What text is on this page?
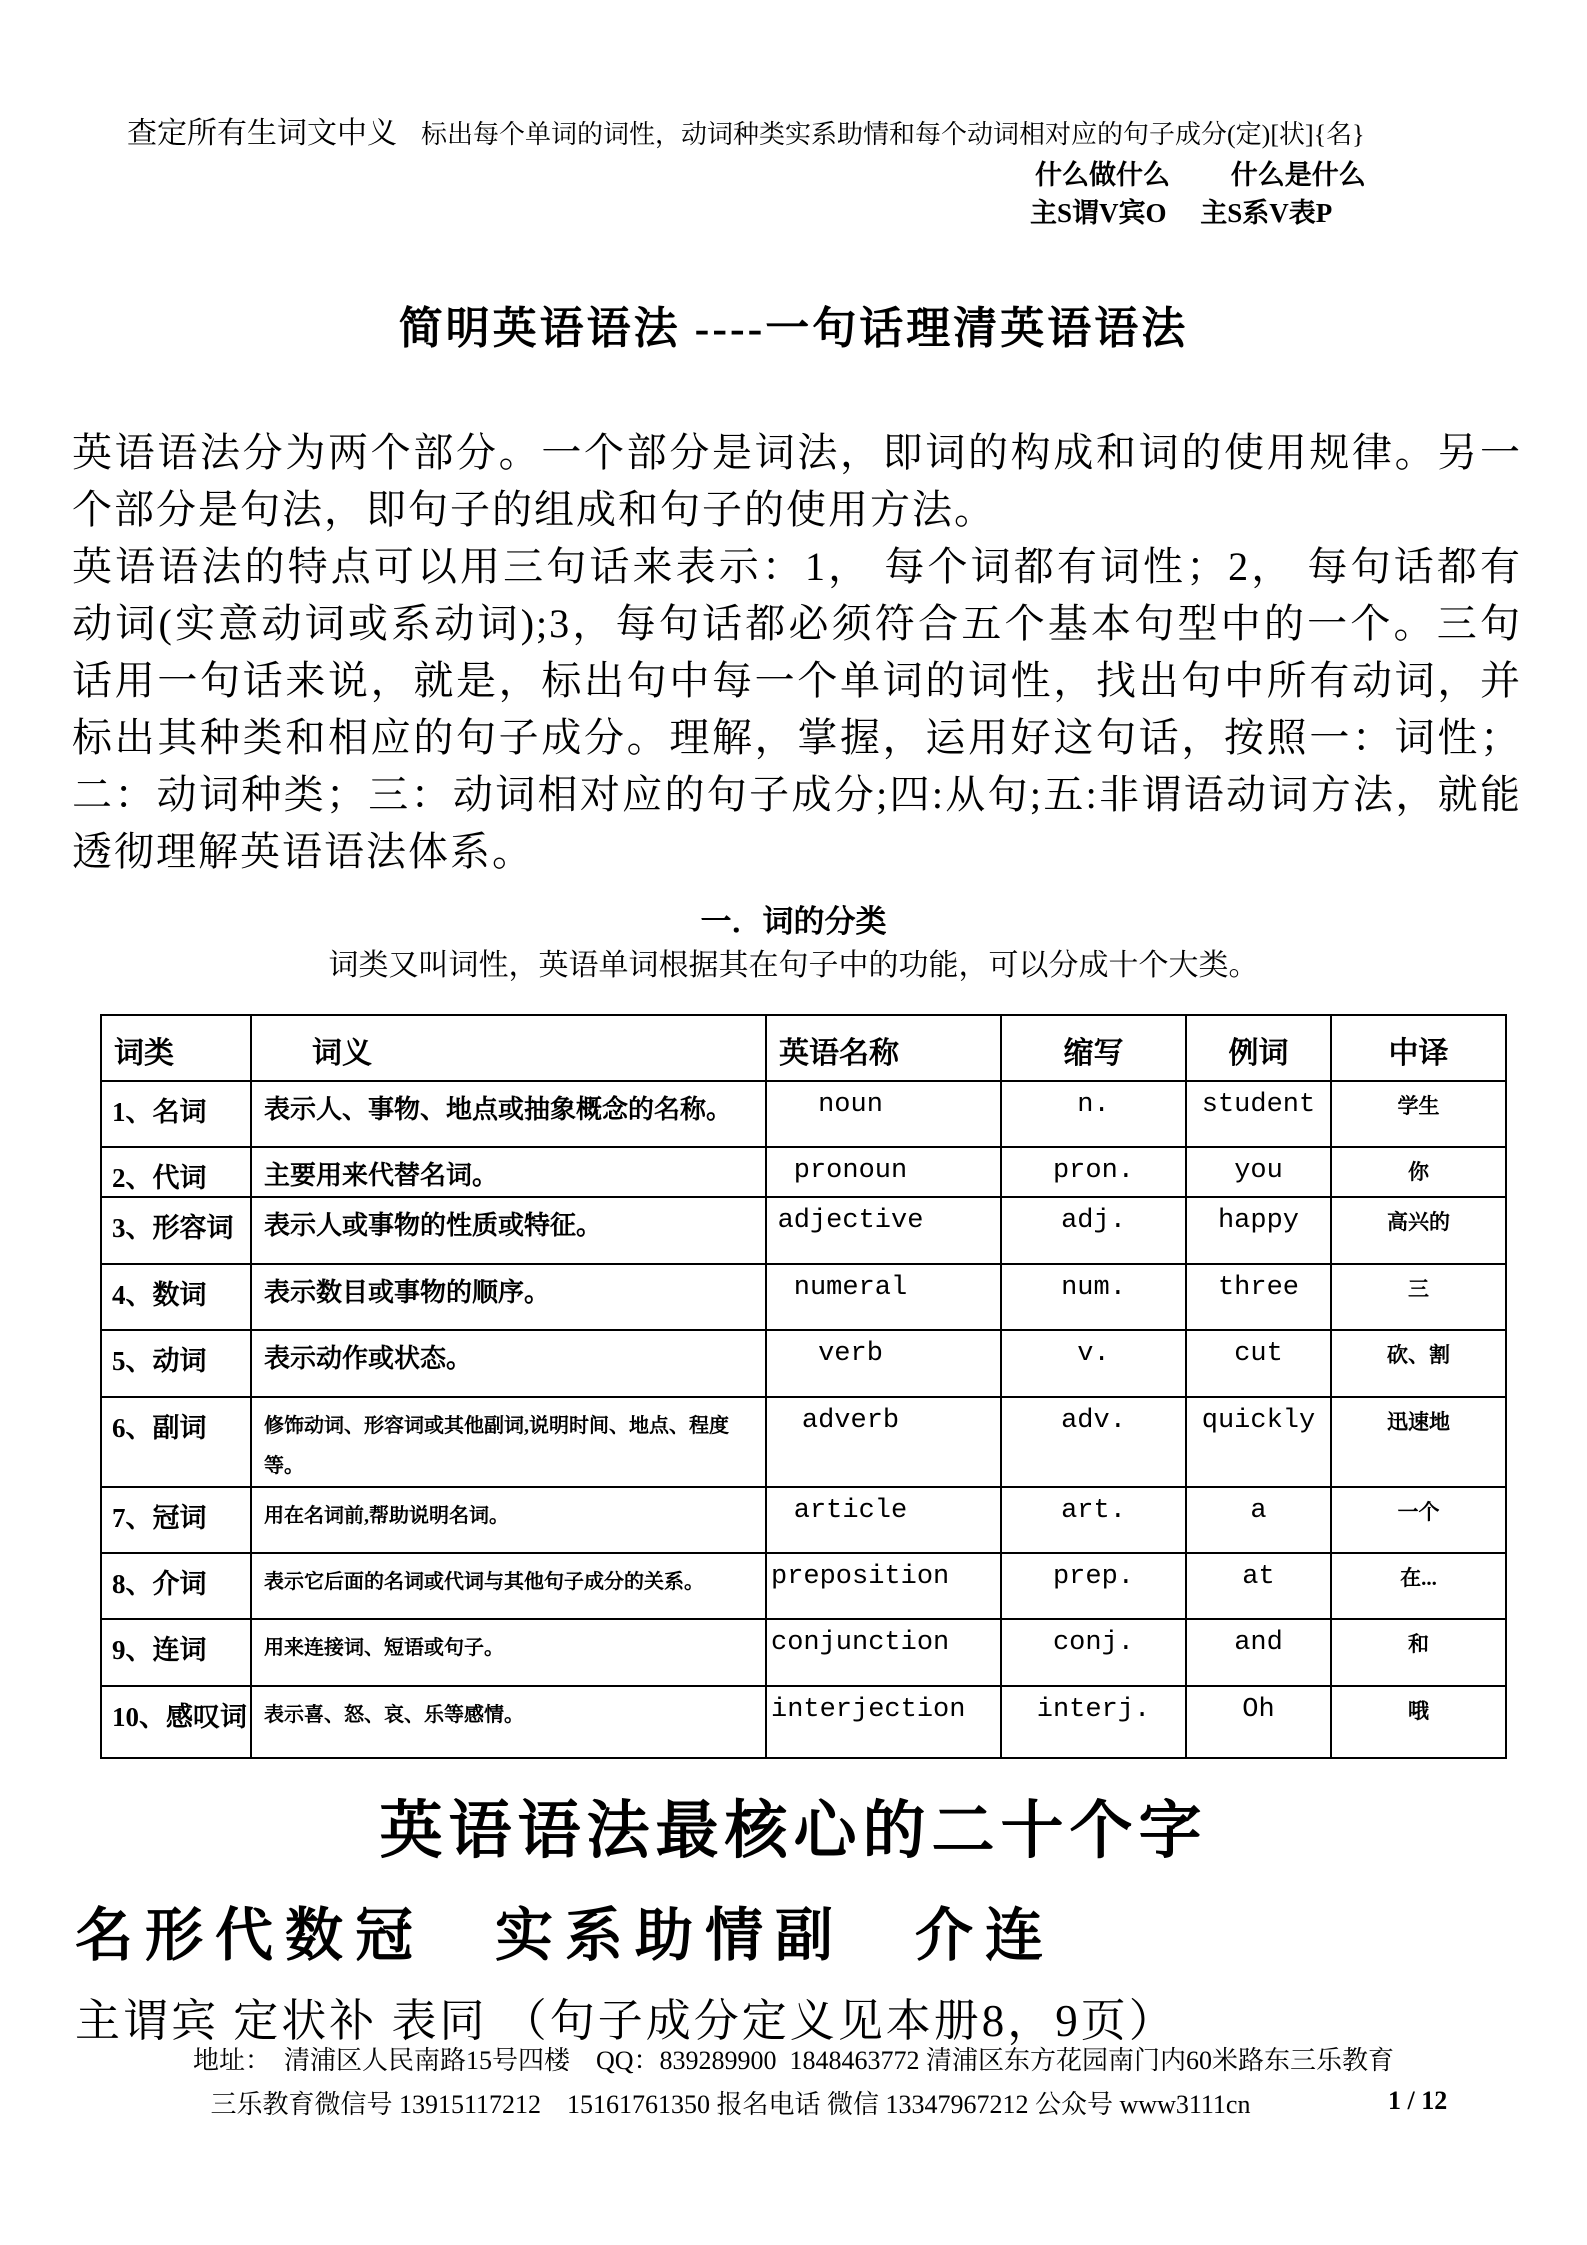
查定所有生词文中义 标出每个单词的词性，动词种类实系助情和每个动词相对应的句子成分(定)[状]{名}
什么做什么　　 什么是什么
主S谓V宾O　 主S系V表P
简明英语语法 ----一句话理清英语语法

英语语法分为两个部分。一个部分是词法，即词的构成和词的使用规律。另一个部分是句法，即句子的组成和句子的使用方法。

英语语法的特点可以用三句话来表示：1， 每个词都有词性；2， 每句话都有动词(实意动词或系动词);3，每句话都必须符合五个基本句型中的一个。三句话用一句话来说，就是，标出句中每一个单词的词性，找出句中所有动词，并标出其种类和相应的句子成分。理解，掌握，运用好这句话，按照一：词性；二：动词种类；三：动词相对应的句子成分;四:从句;五:非谓语动词方法，就能透彻理解英语语法体系。

一．词的分类
词类又叫词性，英语单词根据其在句子中的功能，可以分成十个大类。
词类	词义	英语名称	缩写	例词	中译
1、名词	表示人、事物、地点或抽象概念的名称。	noun	n.	student	学生
2、代词	主要用来代替名词。	pronoun	pron.	you	你
3、形容词	表示人或事物的性质或特征。	adjective	adj.	happy	高兴的
4、数词	表示数目或事物的顺序。	numeral	num.	three	三
5、动词	表示动作或状态。	verb	v.	cut	砍、割
6、副词	修饰动词、形容词或其他副词,说明时间、地点、程度等。	adverb	adv.	quickly	迅速地
7、冠词	用在名词前,帮助说明名词。	article	art.	a	一个
8、介词	表示它后面的名词或代词与其他句子成分的关系。	preposition	prep.	at	在...
9、连词	用来连接词、短语或句子。	conjunction	conj.	and	和
10、感叹词	表示喜、怒、哀、乐等感情。	interjection	interj.	Oh	哦
英语语法最核心的二十个字
名形代数冠　实系助情副　介连
主谓宾 定状补 表同 （句子成分定义见本册8，9页）
地址：  清浦区人民南路15号四楼    QQ：839289900  1848463772 清浦区东方花园南门内60米路东三乐教育
三乐教育微信号 13915117212    15161761350 报名电话 微信 13347967212 公众号 www3111cn	1 / 12
